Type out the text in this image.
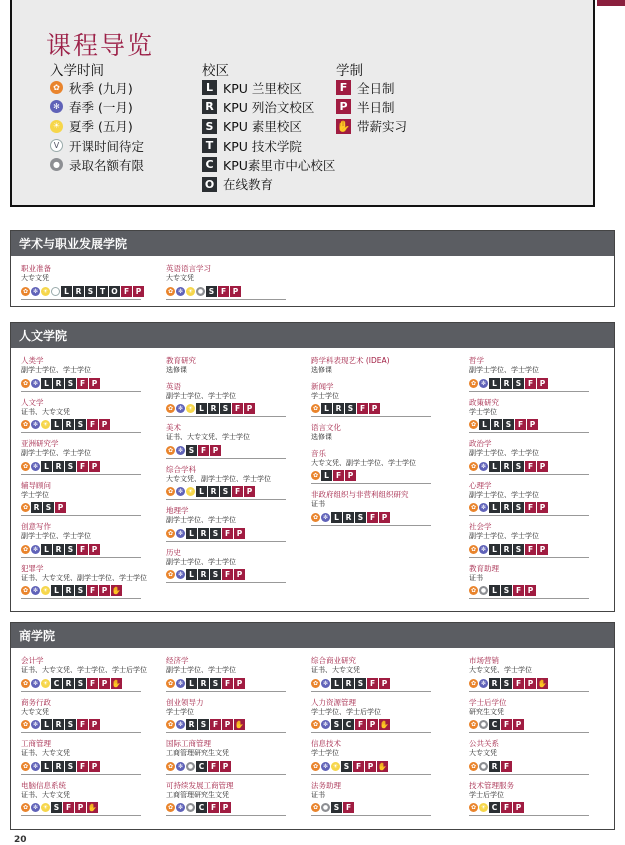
课程导览
入学时间
✿ 秋季 (九月)
✻ 春季 (一月)
☀ 夏季 (五月)
V 开课时间待定
● 录取名额有限
校区
L KPU 兰里校区
R KPU 列治文校区
S KPU 素里校区
T KPU 技术学院
C KPU素里市中心校区
O 在线教育
学制
F 全日制
P 半日制
✋ 带薪实习
学术与职业发展学院
职业准备
大专文凭
✿ ✻ ☀ V L R S T O F P
英语语言学习
大专文凭
✿ ✻ ☀ ● S F P
人文学院
人类学
副学士学位、学士学位
✿ ✻ L R S F P
人文学
证书、大专文凭
✿ ✻ ☀ L R S F P
亚洲研究学
副学士学位、学士学位
✿ ✻ L R S F P
辅导顾问
学士学位
✿ R S P
创意写作
副学士学位、学士学位
✿ ✻ L R S F P
犯罪学
证书、大专文凭、副学士学位、学士学位
✿ ✻ ☀ L R S F P ✋
教育研究
选修课
英语
副学士学位、学士学位
✿ ✻ ☀ L R S F P
美术
证书、大专文凭、学士学位
✿ ✻ S F P
综合学科
大专文凭、副学士学位、学士学位
✿ ✻ ☀ L R S F P
地理学
副学士学位、学士学位
✿ ✻ L R S F P
历史
副学士学位、学士学位
✿ ✻ L R S F P
跨学科表现艺术 (IDEA)
选修课
新闻学
学士学位
✿ L R S F P
语言文化
选修课
音乐
大专文凭、副学士学位、学士学位
✿ L F P
非政府组织与非营利组织研究
证书
✿ ✻ L R S F P
哲学
副学士学位、学士学位
✿ ✻ L R S F P
政策研究
学士学位
✿ L R S F P
政治学
副学士学位、学士学位
✿ ✻ L R S F P
心理学
副学士学位、学士学位
✿ ✻ L R S F P
社会学
副学士学位、学士学位
✿ ✻ L R S F P
教育助理
证书
✿ ● L S F P
商学院
会计学
证书、大专文凭、学士学位、学士后学位
✿ ✻ ☀ C R S F P ✋
商务行政
大专文凭
✿ ✻ L R S F P
工商管理
证书、大专文凭
✿ ✻ L R S F P
电脑信息系统
证书、大专文凭
✿ ✻ ☀ S F P ✋
经济学
副学士学位、学士学位
✿ ✻ L R S F P
创业领导力
学士学位
✿ ✻ R S F P ✋
国际工商管理
工商管理研究生文凭
✿ ✻ ● C F P
可持续发展工商管理
工商管理研究生文凭
✿ ✻ ● C F P
综合商业研究
证书、大专文凭
✿ ✻ L R S F P
人力资源管理
学士学位、学士后学位
✿ ✻ S C F P ✋
信息技术
学士学位
✿ ✻ ☀ S F P ✋
法务助理
证书
✿ ● S F
市场营销
大专文凭、学士学位
✿ ✻ R S F P ✋
学士后学位
研究生文凭
✿ ● C F P
公共关系
大专文凭
✿ ● R F
技术管理服务
学士后学位
✿ ☀ C F P
20
